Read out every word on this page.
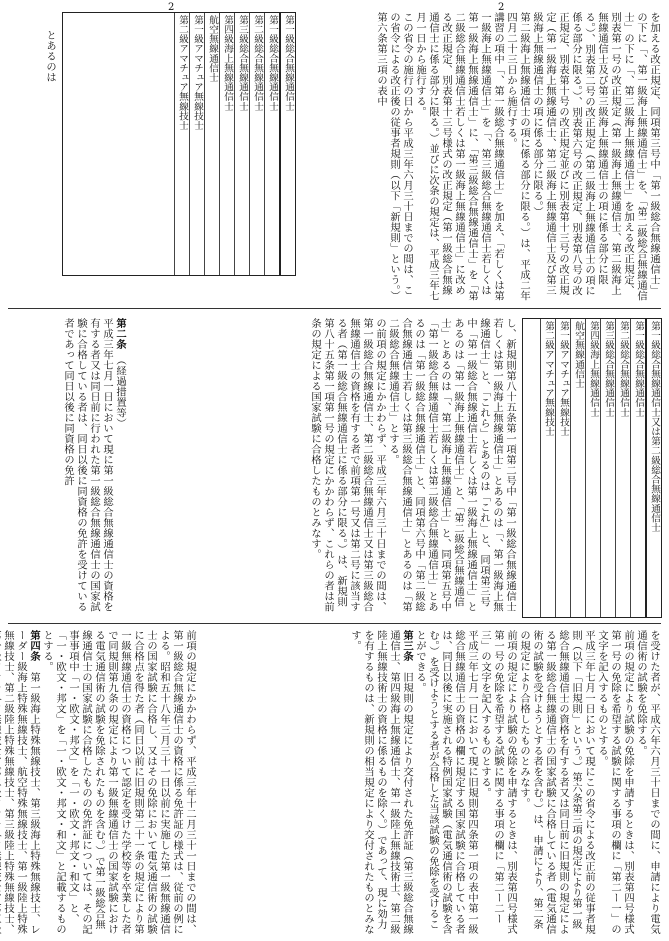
2	2

を加える改正規定、同項第三号中「第一級総合無線通信士」の下に「、第一級海上無線通信士」を、「第二級総合無線通信士」の下に「、第二級海上無線通信士」を加える改正規定、別表第一号の改正規定（第一級海上無線通信士、第二級海上無線通信士及び第三級海上無線通信士の項に係る部分に限る。）、別表第二号の改正規定（第二級海上無線通信士の項に係る部分に限る。）、別表第六号の改正規定、別表第八号の改正規定、別表第十号の改正規定並びに別表第十三号の改正規定（第一級海上無線通信士、第二級海上無線通信士及び第三級海上無線通信士の項に係る部分に限る。）

第二級海上無線通信士の項に係る部分に限る。）は、平成二年四月二十三日から施行する。

講習の項中「、第一級総合無線通信士」を加え、「若しくは第一級海上無線通信士」を「、第三級総合無線通信士若しくは第一級海上無線通信士」に、「第三級総合無線通信士」を「第二級総合無線通信士若しくは第一級海上無線通信士」に改める改正規定、別表第十三号様式の改正規定（第一級総合無線通信士に係る部分に限る。）並びに次条の規定は、平成三年七月一日から施行する。

この省令の施行の日から平成三年六月三十日までの間は、この省令による改正後の従事者規則（以下「新規則」という。）第六条第三項の表中

第一級総合無線通信士
第一級総合無線通信士
第二級総合無線通信士
第三級総合無線通信士
第四級海上無線通信士
航空無線通信士
第一級アマチュア無線技士
第二級アマチュア無線技士
とあるのは
第一級総合無線通信士又は第二級総合無線通信士
第一級総合無線通信士
第二級総合無線通信士
第三級総合無線通信士
第四級海上無線通信士
航空無線通信士
第一級アマチュア無線技士
第二級アマチュア無線技士

し、新規則第八十五条第一項第二号中「第一級総合無線通信士若しくは第一級海上無線通信士」とあるのは「、第一級海上無線通信士」と、「これら」とあるのは「これ」と、同項第三号中「第一級総合無線通信士若しくは第一級海上無線通信士」とあるのは「第一級海上無線通信士」と、「第二級総合無線通信士」とあるのは「、第二級海上無線通信士」と、同項第五号中「第一級総合無線通信士若しくは第二級総合無線通信士」とあるのは「第一級総合無線通信士」と、同項第六号中「第二級総合無線通信士若しくは第三級総合無線通信士」とあるのは「第二級総合無線通信士」とする。

の前項の規定にかかわらず、平成三年六月三十日までの間は、第一級総合無線通信士、第二級総合無線通信士又は第三級総合無線通信士の資格を有する者で前項第一号又は第二号に該当する者（第一級総合無線通信士に係る部分に限る。）は、新規則第八十五条第一項第一号の規定にかかわらず、これらの者は前条の規定による国家試験に合格したものとみなす。

第二条　（経過措置等）

平成三年七月一日において現に第一級総合無線通信士の資格を有する者又は同日前に行われた第一級総合無線通信士の国家試験に合格している者は、同日以後に同資格の免許を受けている者であって同日以後に同資格の免許

を受けた者が、平成六年六月三十日までの間に、申請により電気通信術の試験を免除する。

前項の規定により試験の免除を申請するときは、別表第四号様式第一号の免除を希望する試験に関する事項の欄に「第二ー一」の文字を記入するものとする。

平成三年七月一日において現にこの省令による改正前の従事者規則（以下「旧規則」という。）第六条第三項の規定により第一級総合無線通信士の資格を有する者又は同日前に旧規則の規定による第一級総合無線通信士の国家試験に合格している者（電気通信術の試験を受けようとする者を含む。）は、申請により、第二条の規定により合格したものとみなす。

前項の規定により試験の免除を申請するときは、別表第四号様式第一号の免除を希望する試験に関する事項の欄に「第二ー二ー三」の文字を記入するものとする。

平成三年七月一日において現に旧規則第四条第一項の表中第一級総合無線通信士の資格の欄に規定する国家試験に合格している者は、同日以後に実施される特例国家試験（電気通信術の試験を含む。）を受けようとする者が合格した当該試験の免除を受けることができる。

第三条　旧規則の規定により交付された免許証（第三級総合無線通信士、第四級海上無線通信士、第一級陸上無線技術士、第二級陸上無線技術士の資格に係るものを除く。）であって、現に効力を有するものは、新規則の相当規定により交付されたものとみなす。

前項の規定にかかわらず、平成三年十二月三十一日までの間は、第一級総合無線通信士の資格に係る免許証の様式は、従前の例による。昭和五十八年三月三十一日以前に実施した第一級無線通信士の国家試験に合格し、又はその免除において電気通信術の試験に合格点を得た者（同日以前に旧規則第二十一条の規定により第

一級無線通信士の資格について認定を受けた学校等を卒業した者で同規則第九条の規定により第一級無線通信士の国家試験における電気通信術の試験を免除されたものを含む。）で第一級総合無線通信士の国家試験に合格したものの免許証については、その記事事項中「一・欧文・邦文」を「一・欧文・邦文・和文」と、「一・欧文・邦文」を「一・欧文・邦文・和文」と記載するものとする。

第四条　第一級海上特殊無線技士、第三級海上特殊無線技士、レーダー級海上特殊無線技士、航空特殊無線技士、第一級陸上特殊無線技士、第二級陸上特殊無線技士、第三級陸上特殊無線技士、
